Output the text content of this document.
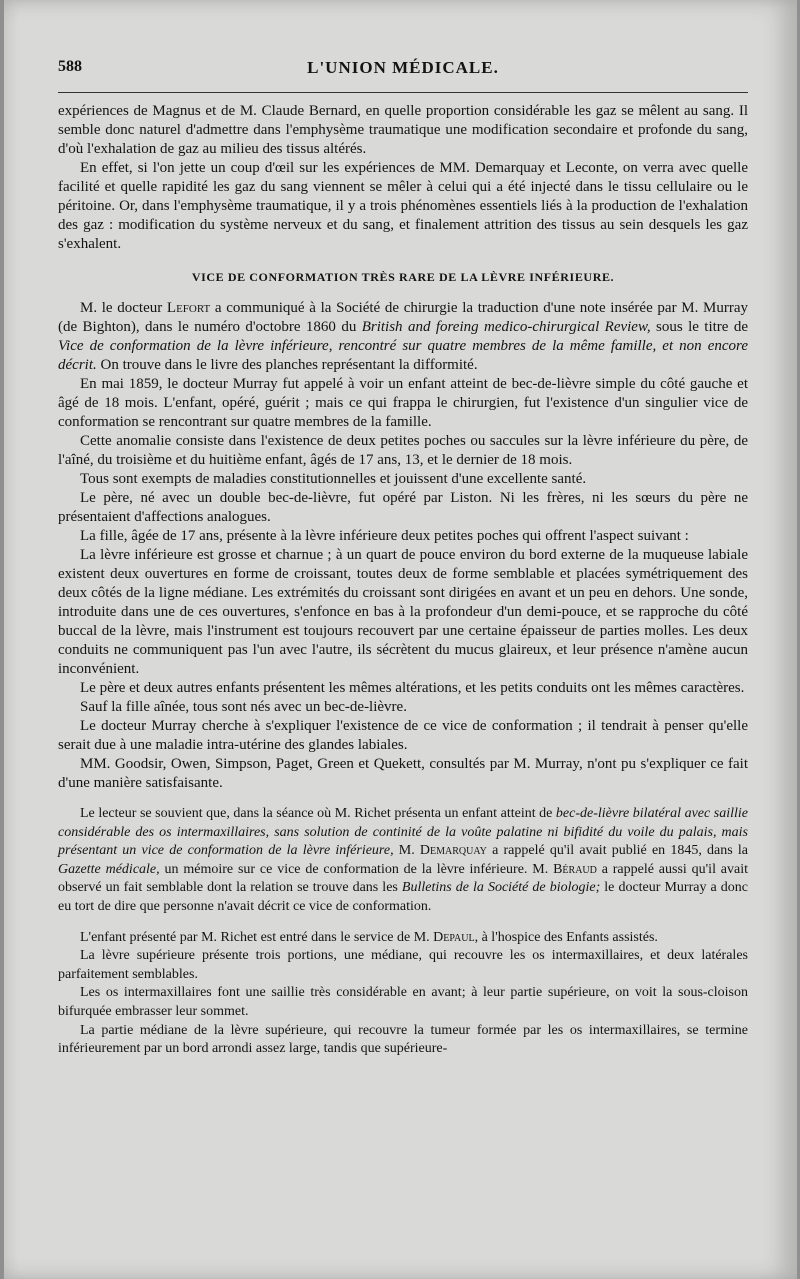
588	L'UNION MÉDICALE.

expériences de Magnus et de M. Claude Bernard, en quelle proportion considérable les gaz se mêlent au sang. Il semble donc naturel d'admettre dans l'emphysème traumatique une modification secondaire et profonde du sang, d'où l'exhalation de gaz au milieu des tissus altérés.

En effet, si l'on jette un coup d'œil sur les expériences de MM. Demarquay et Leconte, on verra avec quelle facilité et quelle rapidité les gaz du sang viennent se mêler à celui qui a été injecté dans le tissu cellulaire ou le péritoine. Or, dans l'emphysème traumatique, il y a trois phénomènes essentiels liés à la production de l'exhalation des gaz : modification du système nerveux et du sang, et finalement attrition des tissus au sein desquels les gaz s'exhalent.

VICE DE CONFORMATION TRÈS RARE DE LA LÈVRE INFÉRIEURE.

M. le docteur Lefort a communiqué à la Société de chirurgie la traduction d'une note insérée par M. Murray (de Bighton), dans le numéro d'octobre 1860 du British and foreing medico-chirurgical Review, sous le titre de Vice de conformation de la lèvre inférieure, rencontré sur quatre membres de la même famille, et non encore décrit. On trouve dans le livre des planches représentant la difformité.

En mai 1859, le docteur Murray fut appelé à voir un enfant atteint de bec-de-lièvre simple du côté gauche et âgé de 18 mois. L'enfant, opéré, guérit ; mais ce qui frappa le chirurgien, fut l'existence d'un singulier vice de conformation se rencontrant sur quatre membres de la famille.

Cette anomalie consiste dans l'existence de deux petites poches ou saccules sur la lèvre inférieure du père, de l'aîné, du troisième et du huitième enfant, âgés de 17 ans, 13, et le dernier de 18 mois.

Tous sont exempts de maladies constitutionnelles et jouissent d'une excellente santé.

Le père, né avec un double bec-de-lièvre, fut opéré par Liston. Ni les frères, ni les sœurs du père ne présentaient d'affections analogues.

La fille, âgée de 17 ans, présente à la lèvre inférieure deux petites poches qui offrent l'aspect suivant :

La lèvre inférieure est grosse et charnue ; à un quart de pouce environ du bord externe de la muqueuse labiale existent deux ouvertures en forme de croissant, toutes deux de forme semblable et placées symétriquement des deux côtés de la ligne médiane. Les extrémités du croissant sont dirigées en avant et un peu en dehors. Une sonde, introduite dans une de ces ouvertures, s'enfonce en bas à la profondeur d'un demi-pouce, et se rapproche du côté buccal de la lèvre, mais l'instrument est toujours recouvert par une certaine épaisseur de parties molles. Les deux conduits ne communiquent pas l'un avec l'autre, ils sécrètent du mucus glaireux, et leur présence n'amène aucun inconvénient.

Le père et deux autres enfants présentent les mêmes altérations, et les petits conduits ont les mêmes caractères.

Sauf la fille aînée, tous sont nés avec un bec-de-lièvre.

Le docteur Murray cherche à s'expliquer l'existence de ce vice de conformation ; il tendrait à penser qu'elle serait due à une maladie intra-utérine des glandes labiales.

MM. Goodsir, Owen, Simpson, Paget, Green et Quekett, consultés par M. Murray, n'ont pu s'expliquer ce fait d'une manière satisfaisante.

Le lecteur se souvient que, dans la séance où M. Richet présenta un enfant atteint de bec-de-lièvre bilatéral avec saillie considérable des os intermaxillaires, sans solution de continité de la voûte palatine ni bifidité du voile du palais, mais présentant un vice de conformation de la lèvre inférieure, M. Demarquay a rappelé qu'il avait publié en 1845, dans la Gazette médicale, un mémoire sur ce vice de conformation de la lèvre inférieure. M. Béraud a rappelé aussi qu'il avait observé un fait semblable dont la relation se trouve dans les Bulletins de la Société de biologie; le docteur Murray a donc eu tort de dire que personne n'avait décrit ce vice de conformation.

L'enfant présenté par M. Richet est entré dans le service de M. Depaul, à l'hospice des Enfants assistés.

La lèvre supérieure présente trois portions, une médiane, qui recouvre les os intermaxillaires, et deux latérales parfaitement semblables.

Les os intermaxillaires font une saillie très considérable en avant; à leur partie supérieure, on voit la sous-cloison bifurquée embrasser leur sommet.

La partie médiane de la lèvre supérieure, qui recouvre la tumeur formée par les os intermaxillaires, se termine inférieurement par un bord arrondi assez large, tandis que supérieure-
